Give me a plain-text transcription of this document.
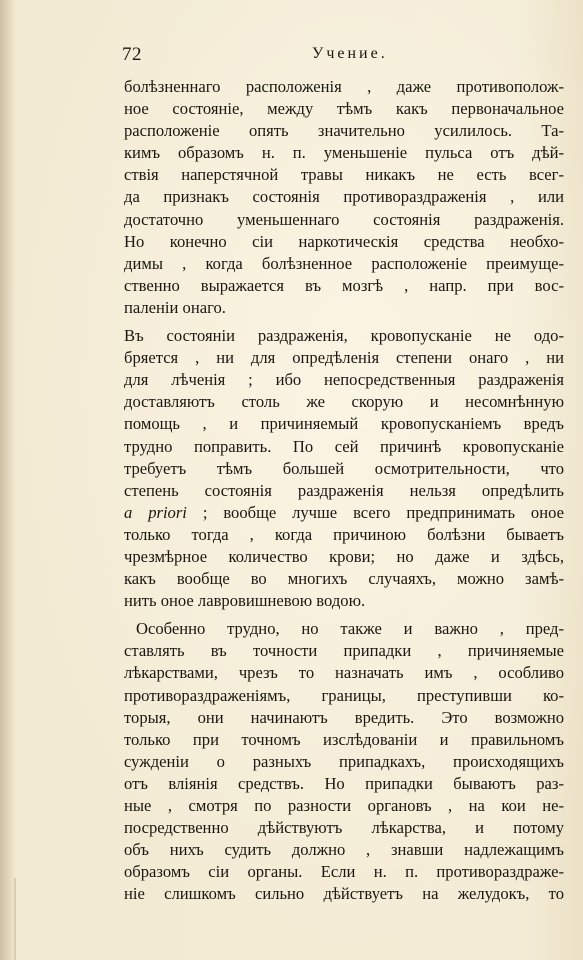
72	Учение.
болѣзненнаго расположенія , даже противополож-
ное состояніе, между тѣмъ какъ первоначальное
расположеніе опять значительно усилилось. Та-
кимъ образомъ н. п. уменьшеніе пульса отъ дѣй-
ствія наперстячной травы никакъ не есть всег-
да признакъ состоянія противораздраженія , или
достаточно уменьшеннаго состоянія раздраженія.
Но конечно сіи наркотическія средства необхо-
димы , когда болѣзненное расположеніе преимуще-
ственно выражается въ мозгѣ , напр. при вос-
паленіи онаго.
Въ состояніи раздраженія, кровопусканіе не одо-
бряется , ни для опредѣленія степени онаго , ни
для лѣченія ; ибо непосредственныя раздраженія
доставляютъ столь же скорую и несомнѣнную
помощь , и причиняемый кровопусканіемъ вредъ
трудно поправить. По сей причинѣ кровопусканіе
требуетъ тѣмъ большей осмотрительности, что
степень состоянія раздраженія нельзя опредѣлить
a priori ; вообще лучше всего предпринимать оное
только тогда , когда причиною болѣзни бываетъ
чрезмѣрное количество крови; но даже и здѣсь,
какъ вообще во многихъ случаяхъ, можно замѣ-
нить оное лавровишневою водою.
Особенно трудно, но также и важно , пред-
ставлять въ точности припадки , причиняемые
лѣкарствами, чрезъ то назначать имъ , особливо
противораздраженіямъ, границы, преступивши ко-
торыя, они начинаютъ вредить. Это возможно
только при точномъ изслѣдованіи и правильномъ
сужденіи о разныхъ припадкахъ, происходящихъ
отъ вліянія средствъ. Но припадки бываютъ раз-
ные , смотря по разности органовъ , на кои не-
посредственно дѣйствуютъ лѣкарства, и потому
объ нихъ судить должно , знавши надлежащимъ
образомъ сіи органы. Если н. п. противораздраже-
ніе слишкомъ сильно дѣйствуетъ на желудокъ, то
